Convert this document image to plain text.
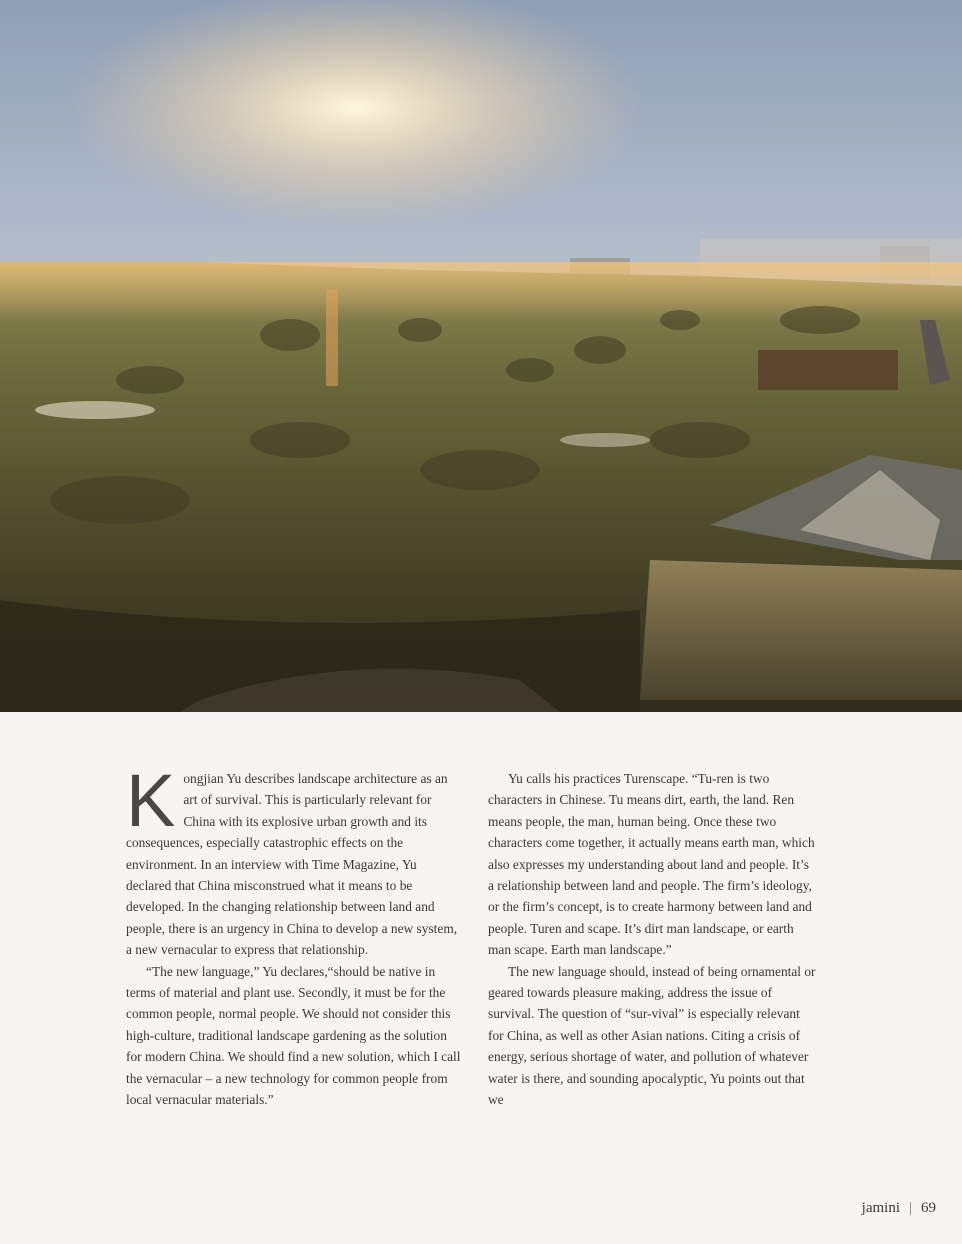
Kongjian Yu describes landscape architecture as an art of survival. This is particularly relevant for China with its explosive urban growth and its consequences, especially catastrophic effects on the environment. In an interview with Time Magazine, Yu declared that China misconstrued what it means to be developed. In the changing relationship between land and people, there is an urgency in China to develop a new system, a new vernacular to express that relationship.

“The new language,” Yu declares,“should be native in terms of material and plant use. Secondly, it must be for the common people, normal people. We should not consider this high-culture, traditional landscape gardening as the solution for modern China. We should find a new solution, which I call the vernacular – a new technology for common people from local vernacular materials.”

Yu calls his practices Turenscape. “Tu-ren is two characters in Chinese. Tu means dirt, earth, the land. Ren means people, the man, human being. Once these two characters come together, it actually means earth man, which also expresses my understanding about land and people. It’s a relationship between land and people. The firm’s ideology, or the firm’s concept, is to create harmony between land and people. Turen and scape. It’s dirt man landscape, or earth man scape. Earth man landscape.”

The new language should, instead of being ornamental or geared towards pleasure making, address the issue of survival. The question of “sur-vival” is especially relevant for China, as well as other Asian nations. Citing a crisis of energy, serious shortage of water, and pollution of whatever water is there, and sounding apocalyptic, Yu points out that we

jamini | 69
